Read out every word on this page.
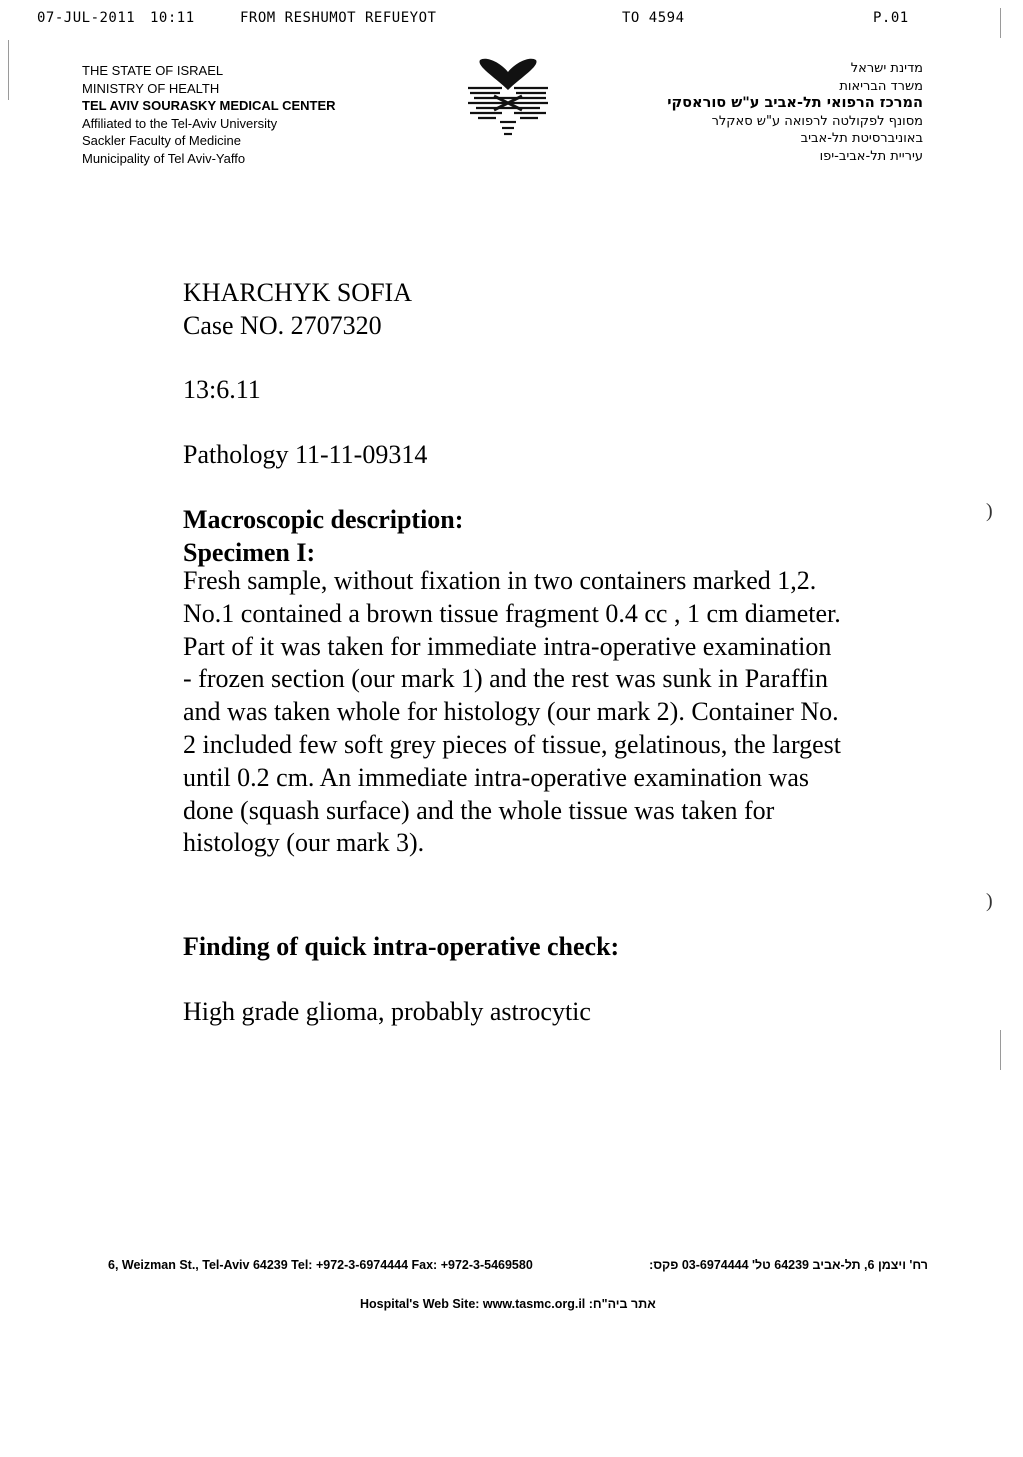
07-JUL-2011 10:11	FROM RESHUMOT REFUEYOT	TO 4594	P.01
THE STATE OF ISRAEL
MINISTRY OF HEALTH
TEL AVIV SOURASKY MEDICAL CENTER
Affiliated to the Tel-Aviv University
Sackler Faculty of Medicine
Municipality of Tel Aviv-Yaffo
מדינת ישראל
משרד הבריאות
המרכז הרפואי תל-אביב ע"ש סוראסקי
מסונף לפקולטה לרפואה ע"ש סאקלר
באוניברסיטת תל-אביב
עיריית תל-אביב-יפו
KHARCHYK SOFIA
Case NO. 2707320
13:6.11
Pathology 11-11-09314
Macroscopic description:
Specimen I:
Fresh sample, without fixation in two containers marked 1,2. No.1 contained a brown tissue fragment 0.4 cc , 1 cm diameter. Part of it was taken for immediate intra-operative examination - frozen section (our mark 1) and the rest was sunk in Paraffin and was taken whole for histology (our mark 2). Container No. 2 included few soft grey pieces of tissue, gelatinous, the largest until 0.2 cm. An immediate intra-operative examination was done (squash surface) and the whole tissue was taken for histology (our mark 3).
Finding of quick intra-operative check:
High grade glioma, probably astrocytic
)
)
6, Weizman St., Tel-Aviv 64239 Tel: +972-3-6974444 Fax: +972-3-5469580	רח' ויצמן 6, תל-אביב 64239 טל' 03-6974444 פקס:
Hospital's Web Site: www.tasmc.org.il אתר ביה"ח:
